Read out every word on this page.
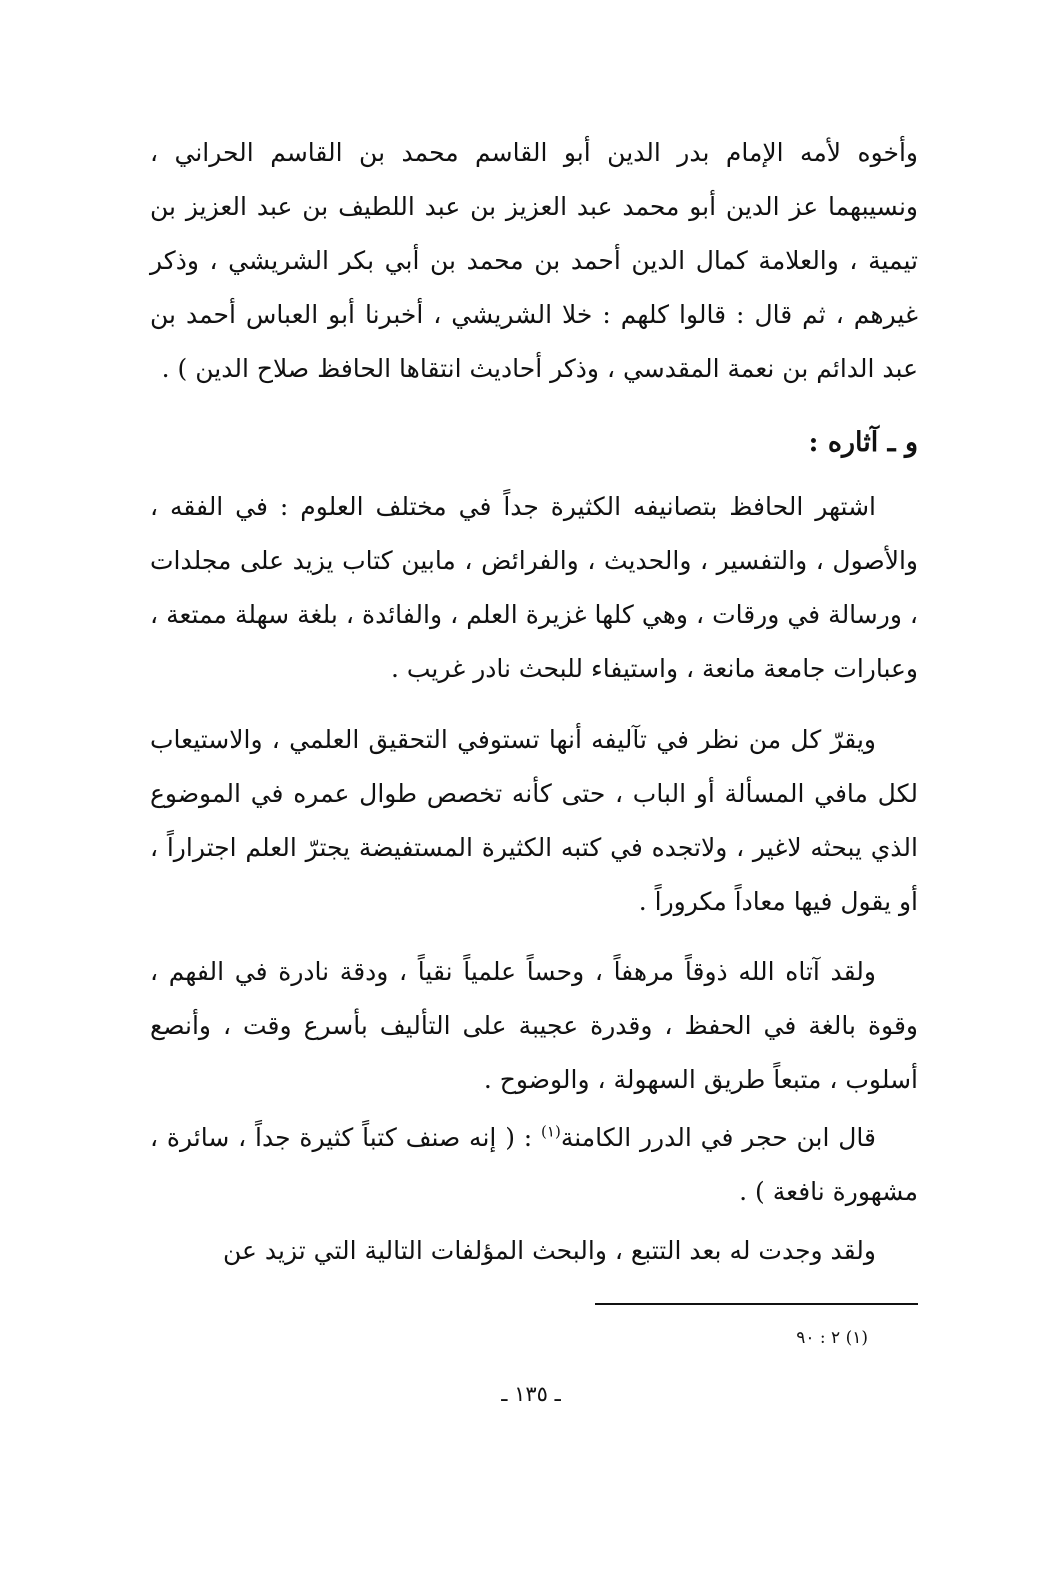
وأخوه لأمه الإمام بدر الدين أبو القاسم محمد بن القاسم الحراني ، ونسيبهما عز الدين أبو محمد عبد العزيز بن عبد اللطيف بن عبد العزيز بن تيمية ، والعلامة كمال الدين أحمد بن محمد بن أبي بكر الشريشي ، وذكر غيرهم ، ثم قال : قالوا كلهم : خلا الشريشي ، أخبرنا أبو العباس أحمد بن عبد الدائم بن نعمة المقدسي ، وذكر أحاديث انتقاها الحافظ صلاح الدين ) .

و ـ آثاره :

اشتهر الحافظ بتصانيفه الكثيرة جداً في مختلف العلوم : في الفقه ، والأصول ، والتفسير ، والحديث ، والفرائض ، مابين كتاب يزيد على مجلدات ، ورسالة في ورقات ، وهي كلها غزيرة العلم ، والفائدة ، بلغة سهلة ممتعة ، وعبارات جامعة مانعة ، واستيفاء للبحث نادر غريب .

ويقرّ كل من نظر في تآليفه أنها تستوفي التحقيق العلمي ، والاستيعاب لكل مافي المسألة أو الباب ، حتى كأنه تخصص طوال عمره في الموضوع الذي يبحثه لاغير ، ولاتجده في كتبه الكثيرة المستفيضة يجترّ العلم اجتراراً ، أو يقول فيها معاداً مكروراً .

ولقد آتاه الله ذوقاً مرهفاً ، وحساً علمياً نقياً ، ودقة نادرة في الفهم ، وقوة بالغة في الحفظ ، وقدرة عجيبة على التأليف بأسرع وقت ، وأنصع أسلوب ، متبعاً طريق السهولة ، والوضوح .

قال ابن حجر في الدرر الكامنة$^{(١)}$ : ( إنه صنف كتباً كثيرة جداً ، سائرة ، مشهورة نافعة ) .

ولقد وجدت له بعد التتبع ، والبحث المؤلفات التالية التي تزيد عن

(١) ٢ : ٩٠
ـ ١٣٥ ـ
